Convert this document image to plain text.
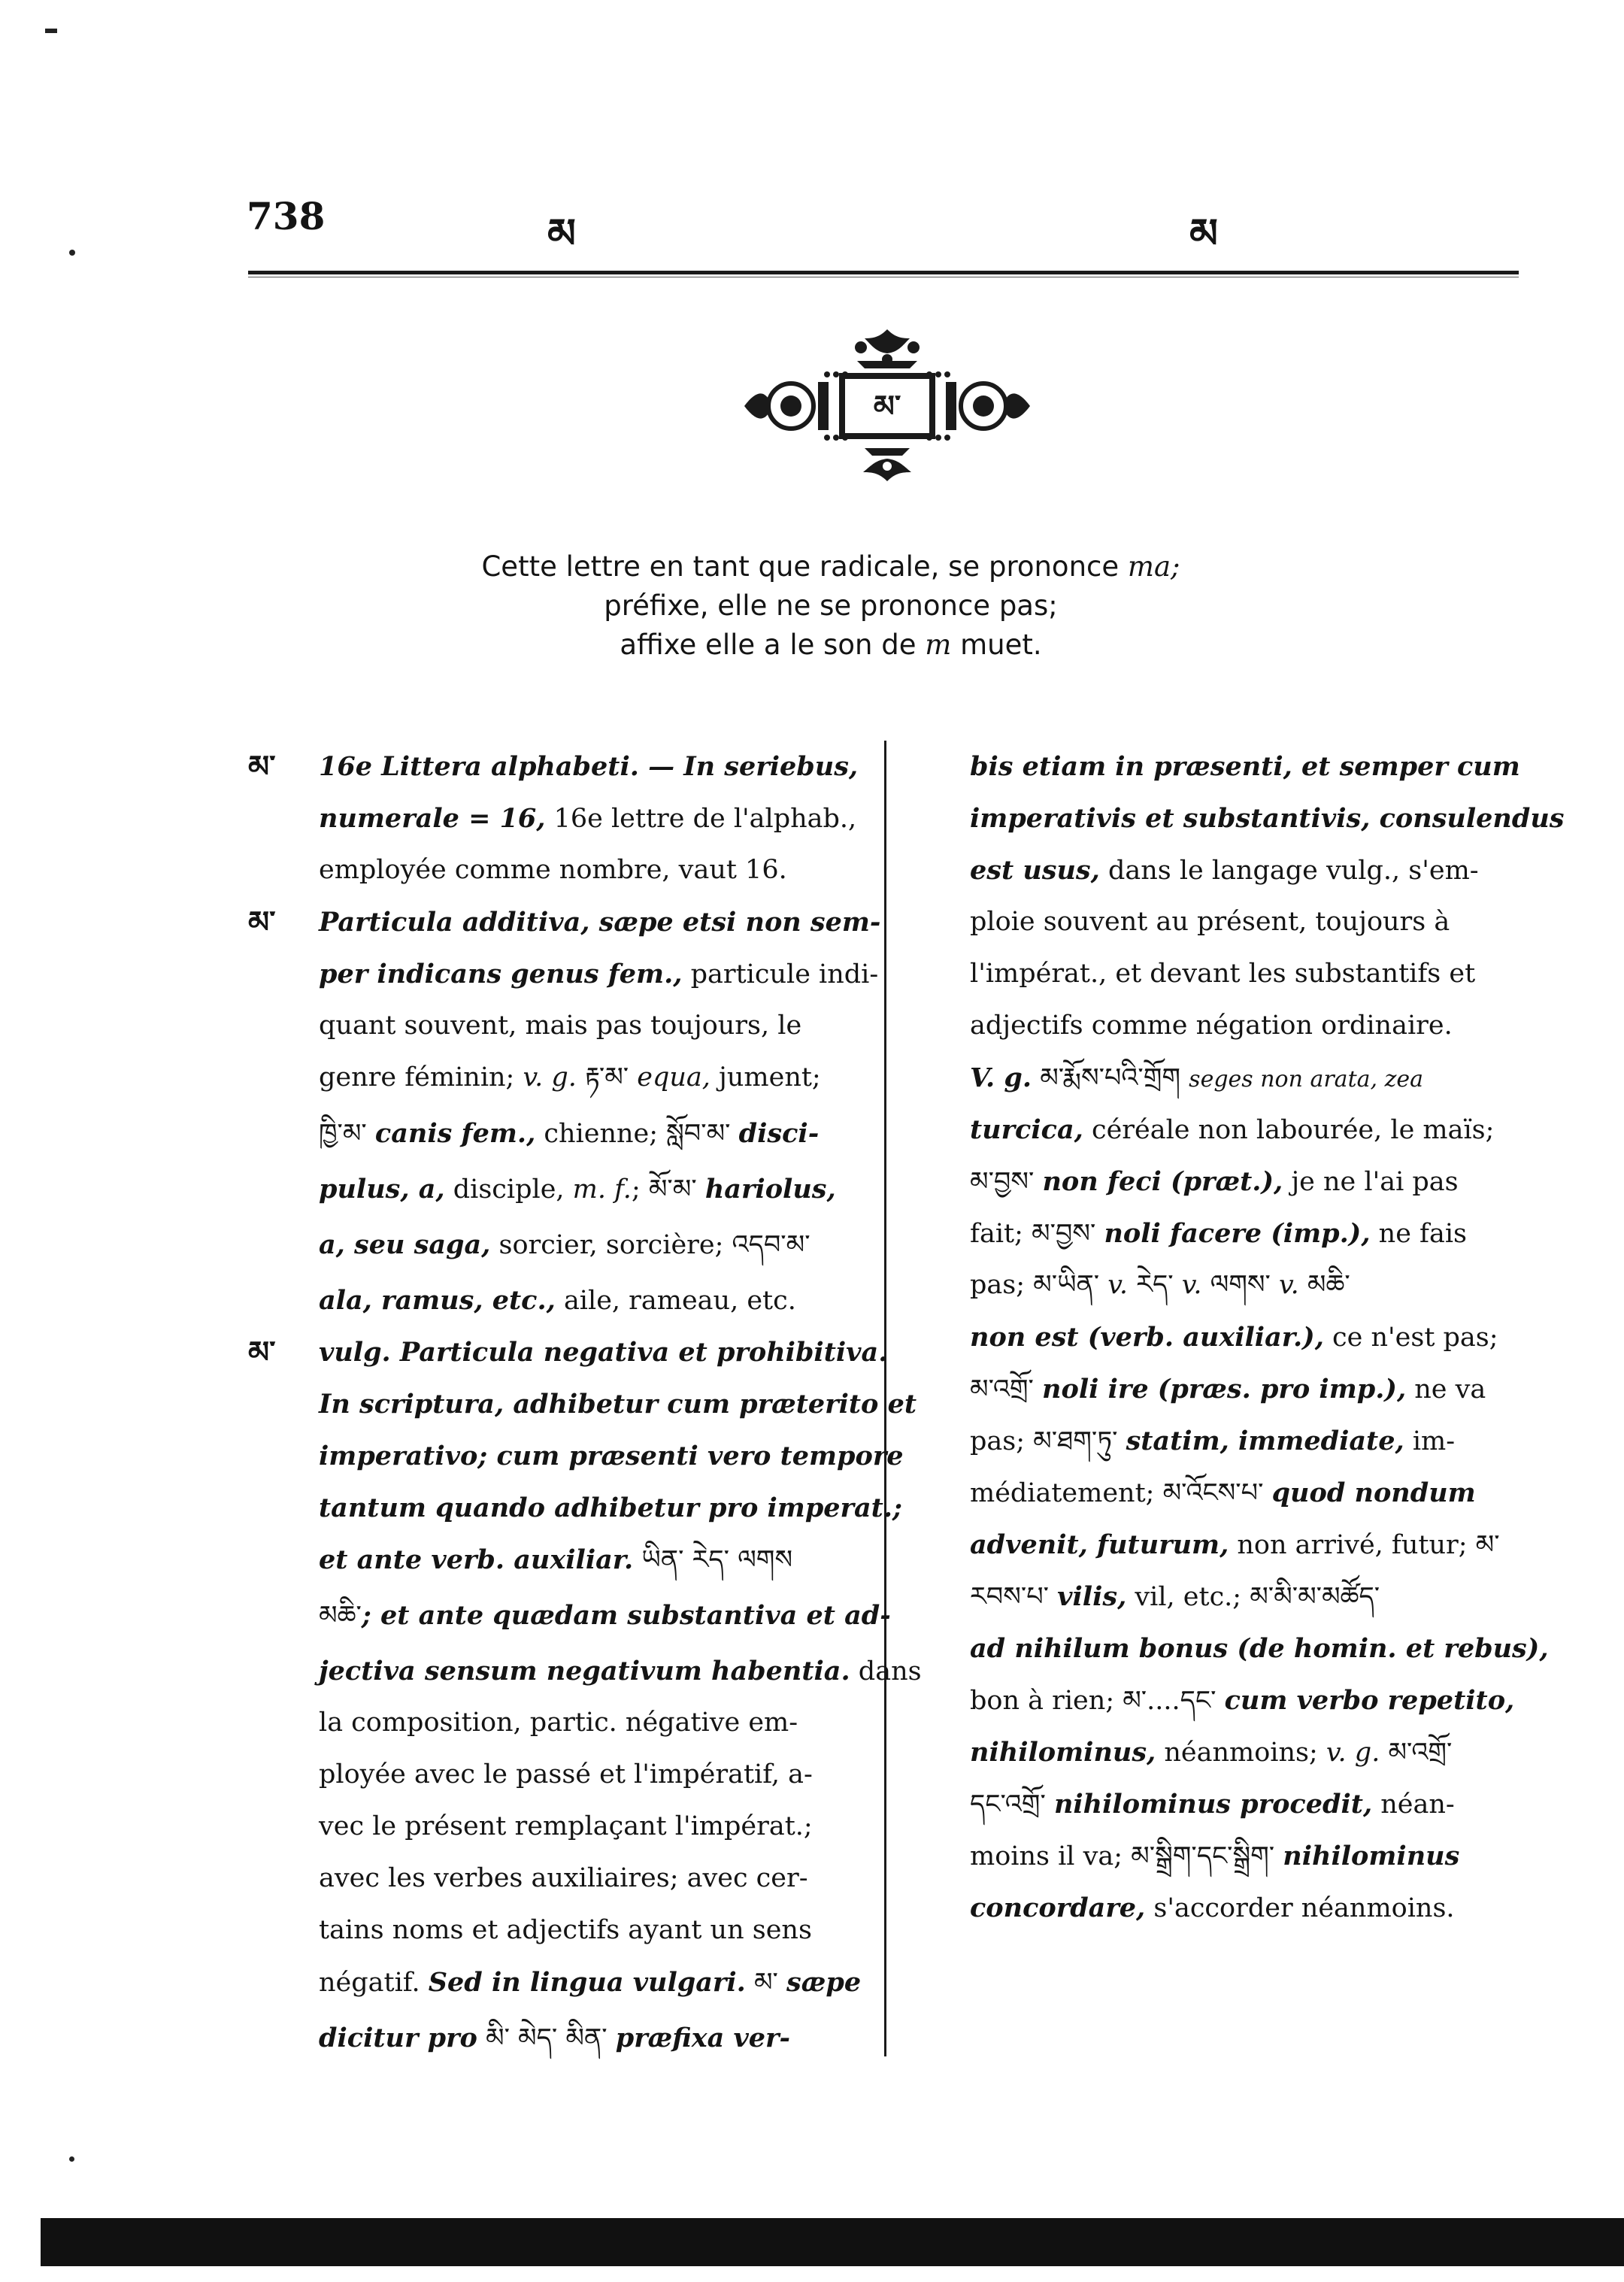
738	མ	མ
མ་
Cette lettre en tant que radicale, se prononce ma;
préfixe, elle ne se prononce pas;
affixe elle a le son de m muet.
མ་ 16e Littera alphabeti. — In seriebus,
numerale = 16, 16e lettre de l'alphab.,
employée comme nombre, vaut 16.
མ་ Particula additiva, sæpe etsi non sem-
per indicans genus fem., particule indi-
quant souvent, mais pas toujours, le
genre féminin; v. g. རྟ་མ་ equa, jument;
ཁྱི་མ་ canis fem., chienne; སློབ་མ་ disci-
pulus, a, disciple, m. f.; མོ་མ་ hariolus,
a, seu saga, sorcier, sorcière; འདབ་མ་
ala, ramus, etc., aile, rameau, etc.
མ་ vulg. Particula negativa et prohibitiva.
In scriptura, adhibetur cum præterito et
imperativo; cum præsenti vero tempore
tantum quando adhibetur pro imperat.;
et ante verb. auxiliar. ཡིན་ རེད་ ལགས
མཆི་; et ante quædam substantiva et ad-
jectiva sensum negativum habentia. dans
la composition, partic. négative em-
ployée avec le passé et l'impératif, a-
vec le présent remplaçant l'impérat.;
avec les verbes auxiliaires; avec cer-
tains noms et adjectifs ayant un sens
négatif. Sed in lingua vulgari. མ་ sæpe
dicitur pro མི་ མེད་ མིན་ præfixa ver-
bis etiam in præsenti, et semper cum
imperativis et substantivis, consulendus
est usus, dans le langage vulg., s'em-
ploie souvent au présent, toujours à
l'impérat., et devant les substantifs et
adjectifs comme négation ordinaire.
V. g. མ་རྨོས་པའི་གྲོག seges non arata, zea
turcica, céréale non labourée, le maïs;
མ་བྱས་ non feci (præt.), je ne l'ai pas
fait; མ་བྱས་ noli facere (imp.), ne fais
pas; མ་ཡིན་ v. རེད་ v. ལགས་ v. མཆི་
non est (verb. auxiliar.), ce n'est pas;
མ་འགྲོ་ noli ire (præs. pro imp.), ne va
pas; མ་ཐག་ཏུ་ statim, immediate, im-
médiatement; མ་འོངས་པ་ quod nondum
advenit, futurum, non arrivé, futur; མ་
རབས་པ་ vilis, vil, etc.; མ་མི་མ་མཚོད་
ad nihilum bonus (de homin. et rebus),
bon à rien; མ་....དང་ cum verbo repetito,
nihilominus, néanmoins; v. g. མ་འགྲོ་
དང་འགྲོ་ nihilominus procedit, néan-
moins il va; མ་སྒྲིག་དང་སྒྲིག་ nihilominus
concordare, s'accorder néanmoins.
